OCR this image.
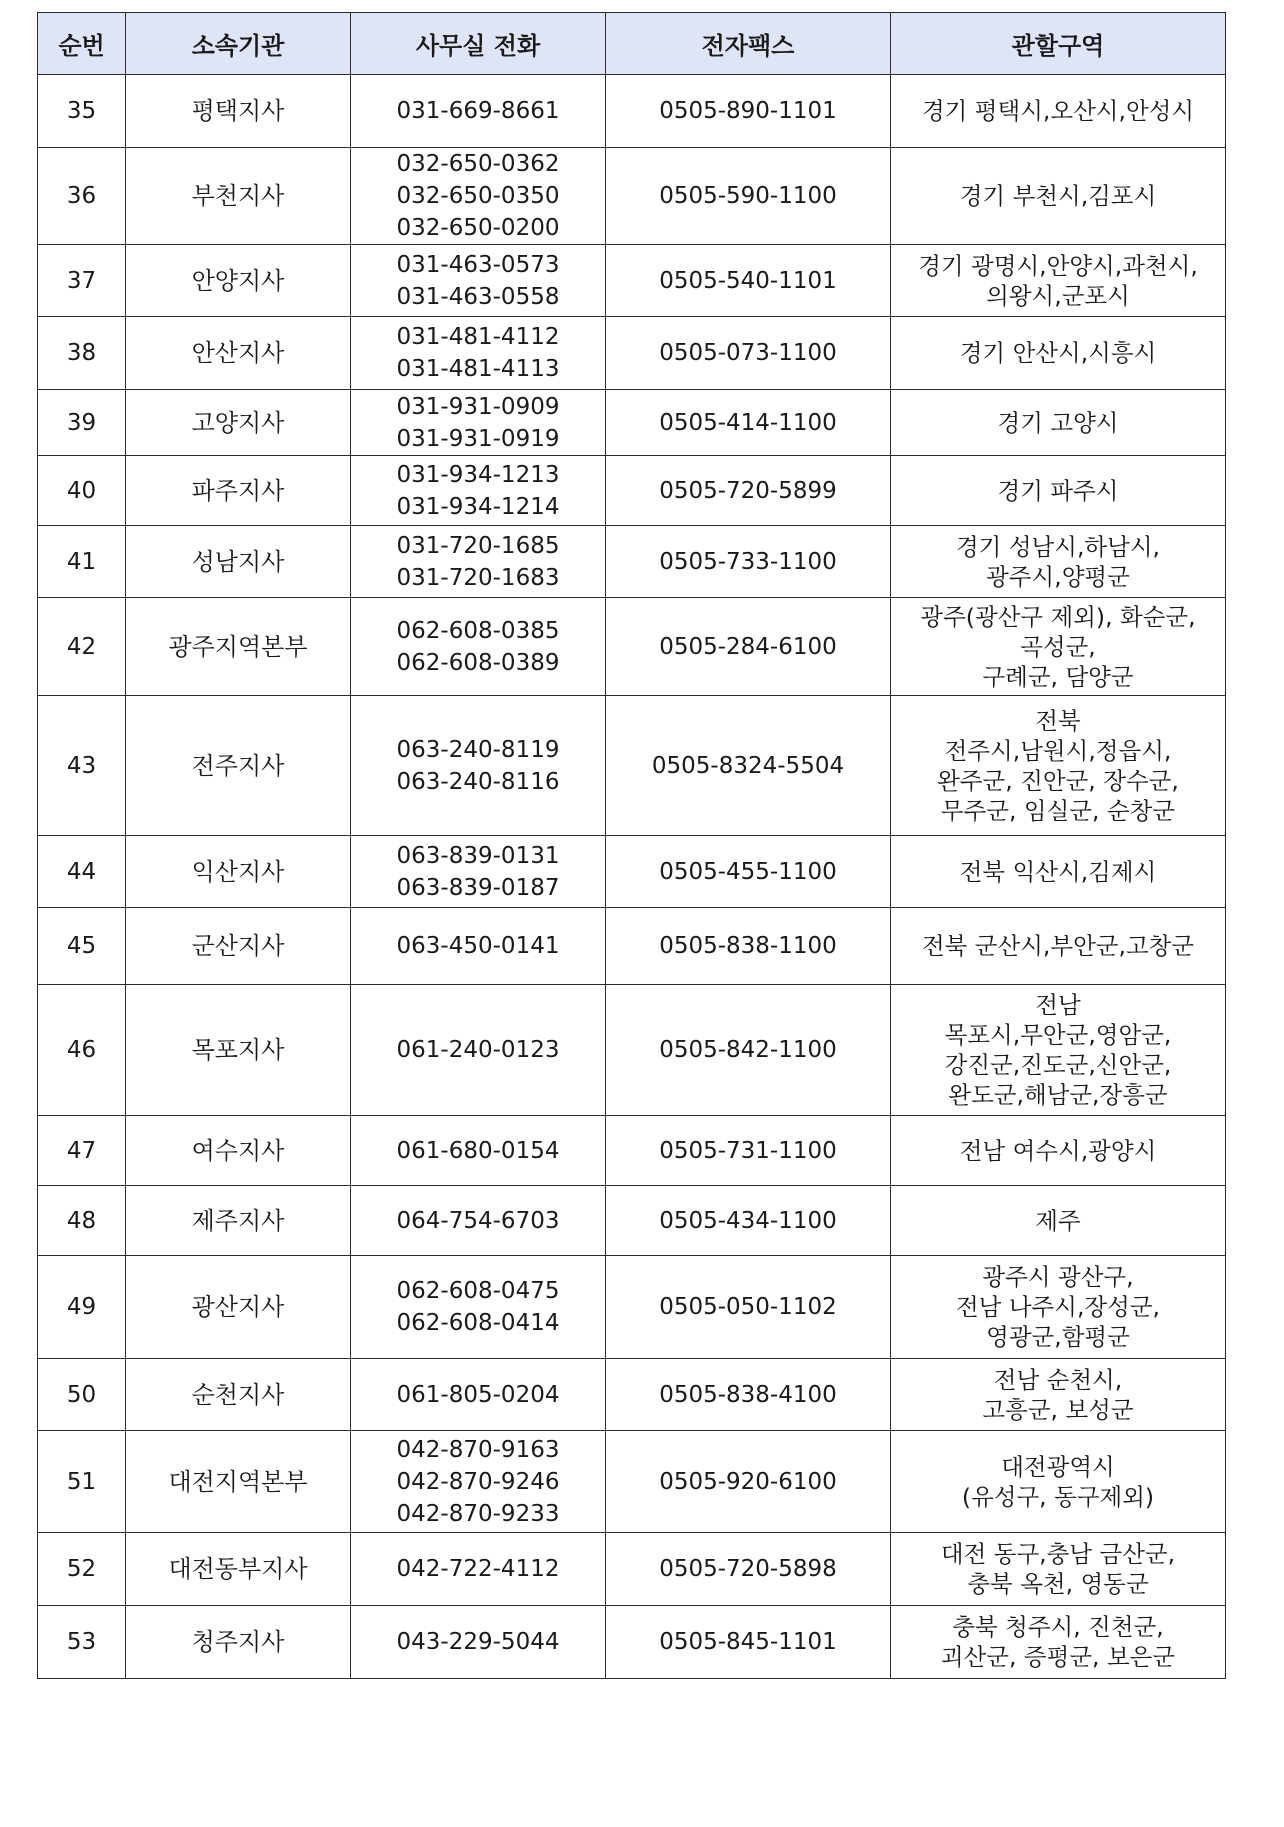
순번	소속기관	사무실 전화	전자팩스	관할구역
35	평택지사	031-669-8661	0505-890-1101	경기 평택시,오산시,안성시

36	부천지사	032-650-0362
032-650-0350
032-650-0200	0505-590-1100	경기 부천시,김포시

37	안양지사	031-463-0573
031-463-0558	0505-540-1101	경기 광명시,안양시,과천시,
의왕시,군포시

38	안산지사	031-481-4112
031-481-4113	0505-073-1100	경기 안산시,시흥시

39	고양지사	031-931-0909
031-931-0919	0505-414-1100	경기 고양시

40	파주지사	031-934-1213
031-934-1214	0505-720-5899	경기 파주시

41	성남지사	031-720-1685
031-720-1683	0505-733-1100	경기 성남시,하남시,
광주시,양평군

42	광주지역본부	062-608-0385
062-608-0389	0505-284-6100	광주(광산구 제외), 화순군,
곡성군,
구례군, 담양군

43	전주지사	063-240-8119
063-240-8116	0505-8324-5504	전북
전주시,남원시,정읍시,
완주군, 진안군, 장수군,
무주군, 임실군, 순창군

44	익산지사	063-839-0131
063-839-0187	0505-455-1100	전북 익산시,김제시

45	군산지사	063-450-0141	0505-838-1100	전북 군산시,부안군,고창군

46	목포지사	061-240-0123	0505-842-1100	전남
목포시,무안군,영암군,
강진군,진도군,신안군,
완도군,해남군,장흥군

47	여수지사	061-680-0154	0505-731-1100	전남 여수시,광양시

48	제주지사	064-754-6703	0505-434-1100	제주

49	광산지사	062-608-0475
062-608-0414	0505-050-1102	광주시 광산구,
전남 나주시,장성군,
영광군,함평군

50	순천지사	061-805-0204	0505-838-4100	전남 순천시,
고흥군, 보성군

51	대전지역본부	042-870-9163
042-870-9246
042-870-9233	0505-920-6100	대전광역시
(유성구, 동구제외)

52	대전동부지사	042-722-4112	0505-720-5898	대전 동구,충남 금산군,
충북 옥천, 영동군

53	청주지사	043-229-5044	0505-845-1101	충북 청주시, 진천군,
괴산군, 증평군, 보은군
